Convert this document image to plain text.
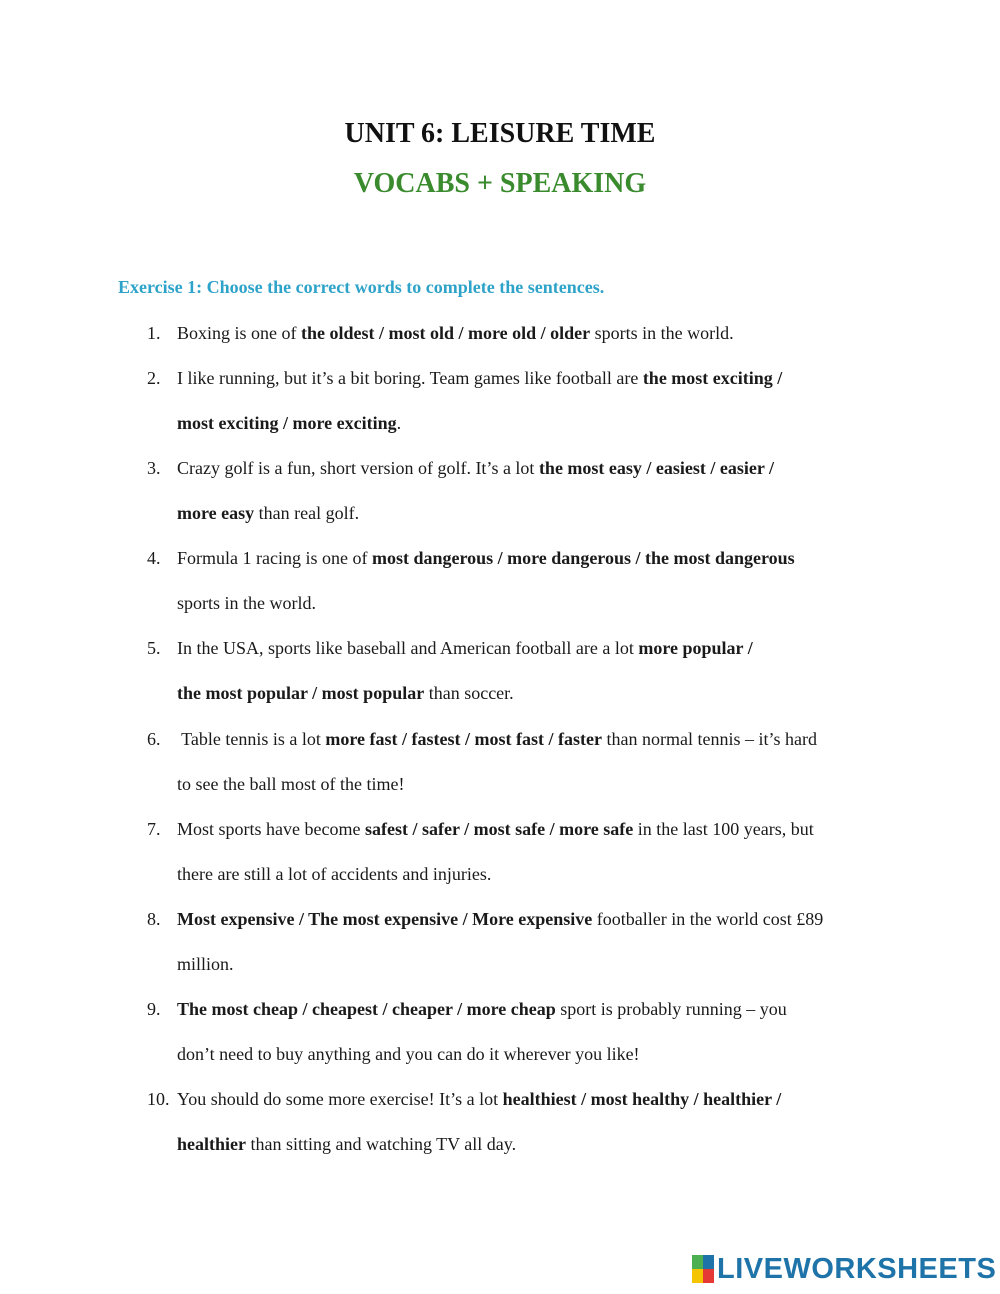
UNIT 6: LEISURE TIME
VOCABS + SPEAKING

Exercise 1: Choose the correct words to complete the sentences.

1. Boxing is one of the oldest / most old / more old / older sports in the world.

2. I like running, but it’s a bit boring. Team games like football are the most exciting /

most exciting / more exciting.

3. Crazy golf is a fun, short version of golf. It’s a lot the most easy / easiest / easier /

more easy than real golf.

4. Formula 1 racing is one of most dangerous / more dangerous / the most dangerous

sports in the world.

5. In the USA, sports like baseball and American football are a lot more popular /

the most popular / most popular than soccer.

6. Table tennis is a lot more fast / fastest / most fast / faster than normal tennis – it’s hard

to see the ball most of the time!

7. Most sports have become safest / safer / most safe / more safe in the last 100 years, but

there are still a lot of accidents and injuries.

8. Most expensive / The most expensive / More expensive footballer in the world cost £89

million.

9. The most cheap / cheapest / cheaper / more cheap sport is probably running – you

don’t need to buy anything and you can do it wherever you like!

10. You should do some more exercise! It’s a lot healthiest / most healthy / healthier /

healthier than sitting and watching TV all day.

LIVEWORKSHEETS
